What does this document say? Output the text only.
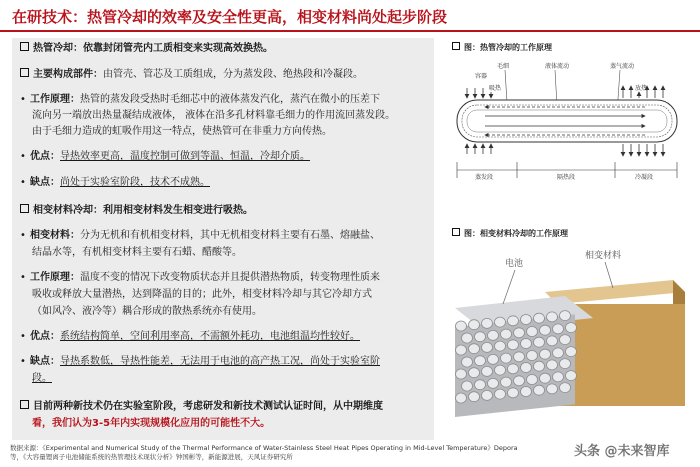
在研技术：热管冷却的效率及安全性更高，相变材料尚处起步阶段
热管冷却：依靠封闭管壳内工质相变来实现高效换热。
主要构成部件：由管壳、管芯及工质组成，分为蒸发段、绝热段和冷凝段。
• 工作原理：热管的蒸发段受热时毛细芯中的液体蒸发汽化，蒸汽在微小的压差下
流向另一端放出热量凝结成液体， 液体在沿多孔材料靠毛细力的作用流回蒸发段。
由于毛细力造成的虹吸作用这一特点，使热管可在非重力方向传热。
• 优点：导热效率更高，温度控制可做到等温、恒温，冷却介质。
• 缺点：尚处于实验室阶段，技术不成熟。
相变材料冷却：利用相变材料发生相变进行吸热。
• 相变材料：分为无机和有机相变材料，其中无机相变材料主要有石墨、熔融盐、
结晶水等，有机相变材料主要有石蜡、醋酸等。
• 工作原理：温度不变的情况下改变物质状态并且提供潜热物质，转变物理性质来
吸收或释放大量潜热，达到降温的目的；此外，相变材料冷却与其它冷却方式
（如风冷、液冷等）耦合形成的散热系统亦有使用。
• 优点：系统结构简单，空间利用率高，不需额外耗功，电池组温均性较好。
• 缺点：导热系数低，导热性能差，无法用于电池的高产热工况，尚处于实验室阶
段。
目前两种新技术仍在实验室阶段，考虑研发和新技术测试认证时间，从中期维度
看，我们认为3-5年内实现规模化应用的可能性不大。
图：热管冷却的工作原理
容器
毛细	液体流动	蒸气流动
吸热	放热
蒸发段	隔热段	冷凝段
图：相变材料冷却的工作原理
电池
相变材料
数据来源：《Experimental and Numerical Study of the Thermal Performance of Water-Stainless Steel Heat Pipes Operating in Mid-Level Temperature》Depora等，《大容量锂离子电池储能系统的热管理技术现状分析》钟国彬等，新能源进展，天风证券研究所	头条 @未来智库
